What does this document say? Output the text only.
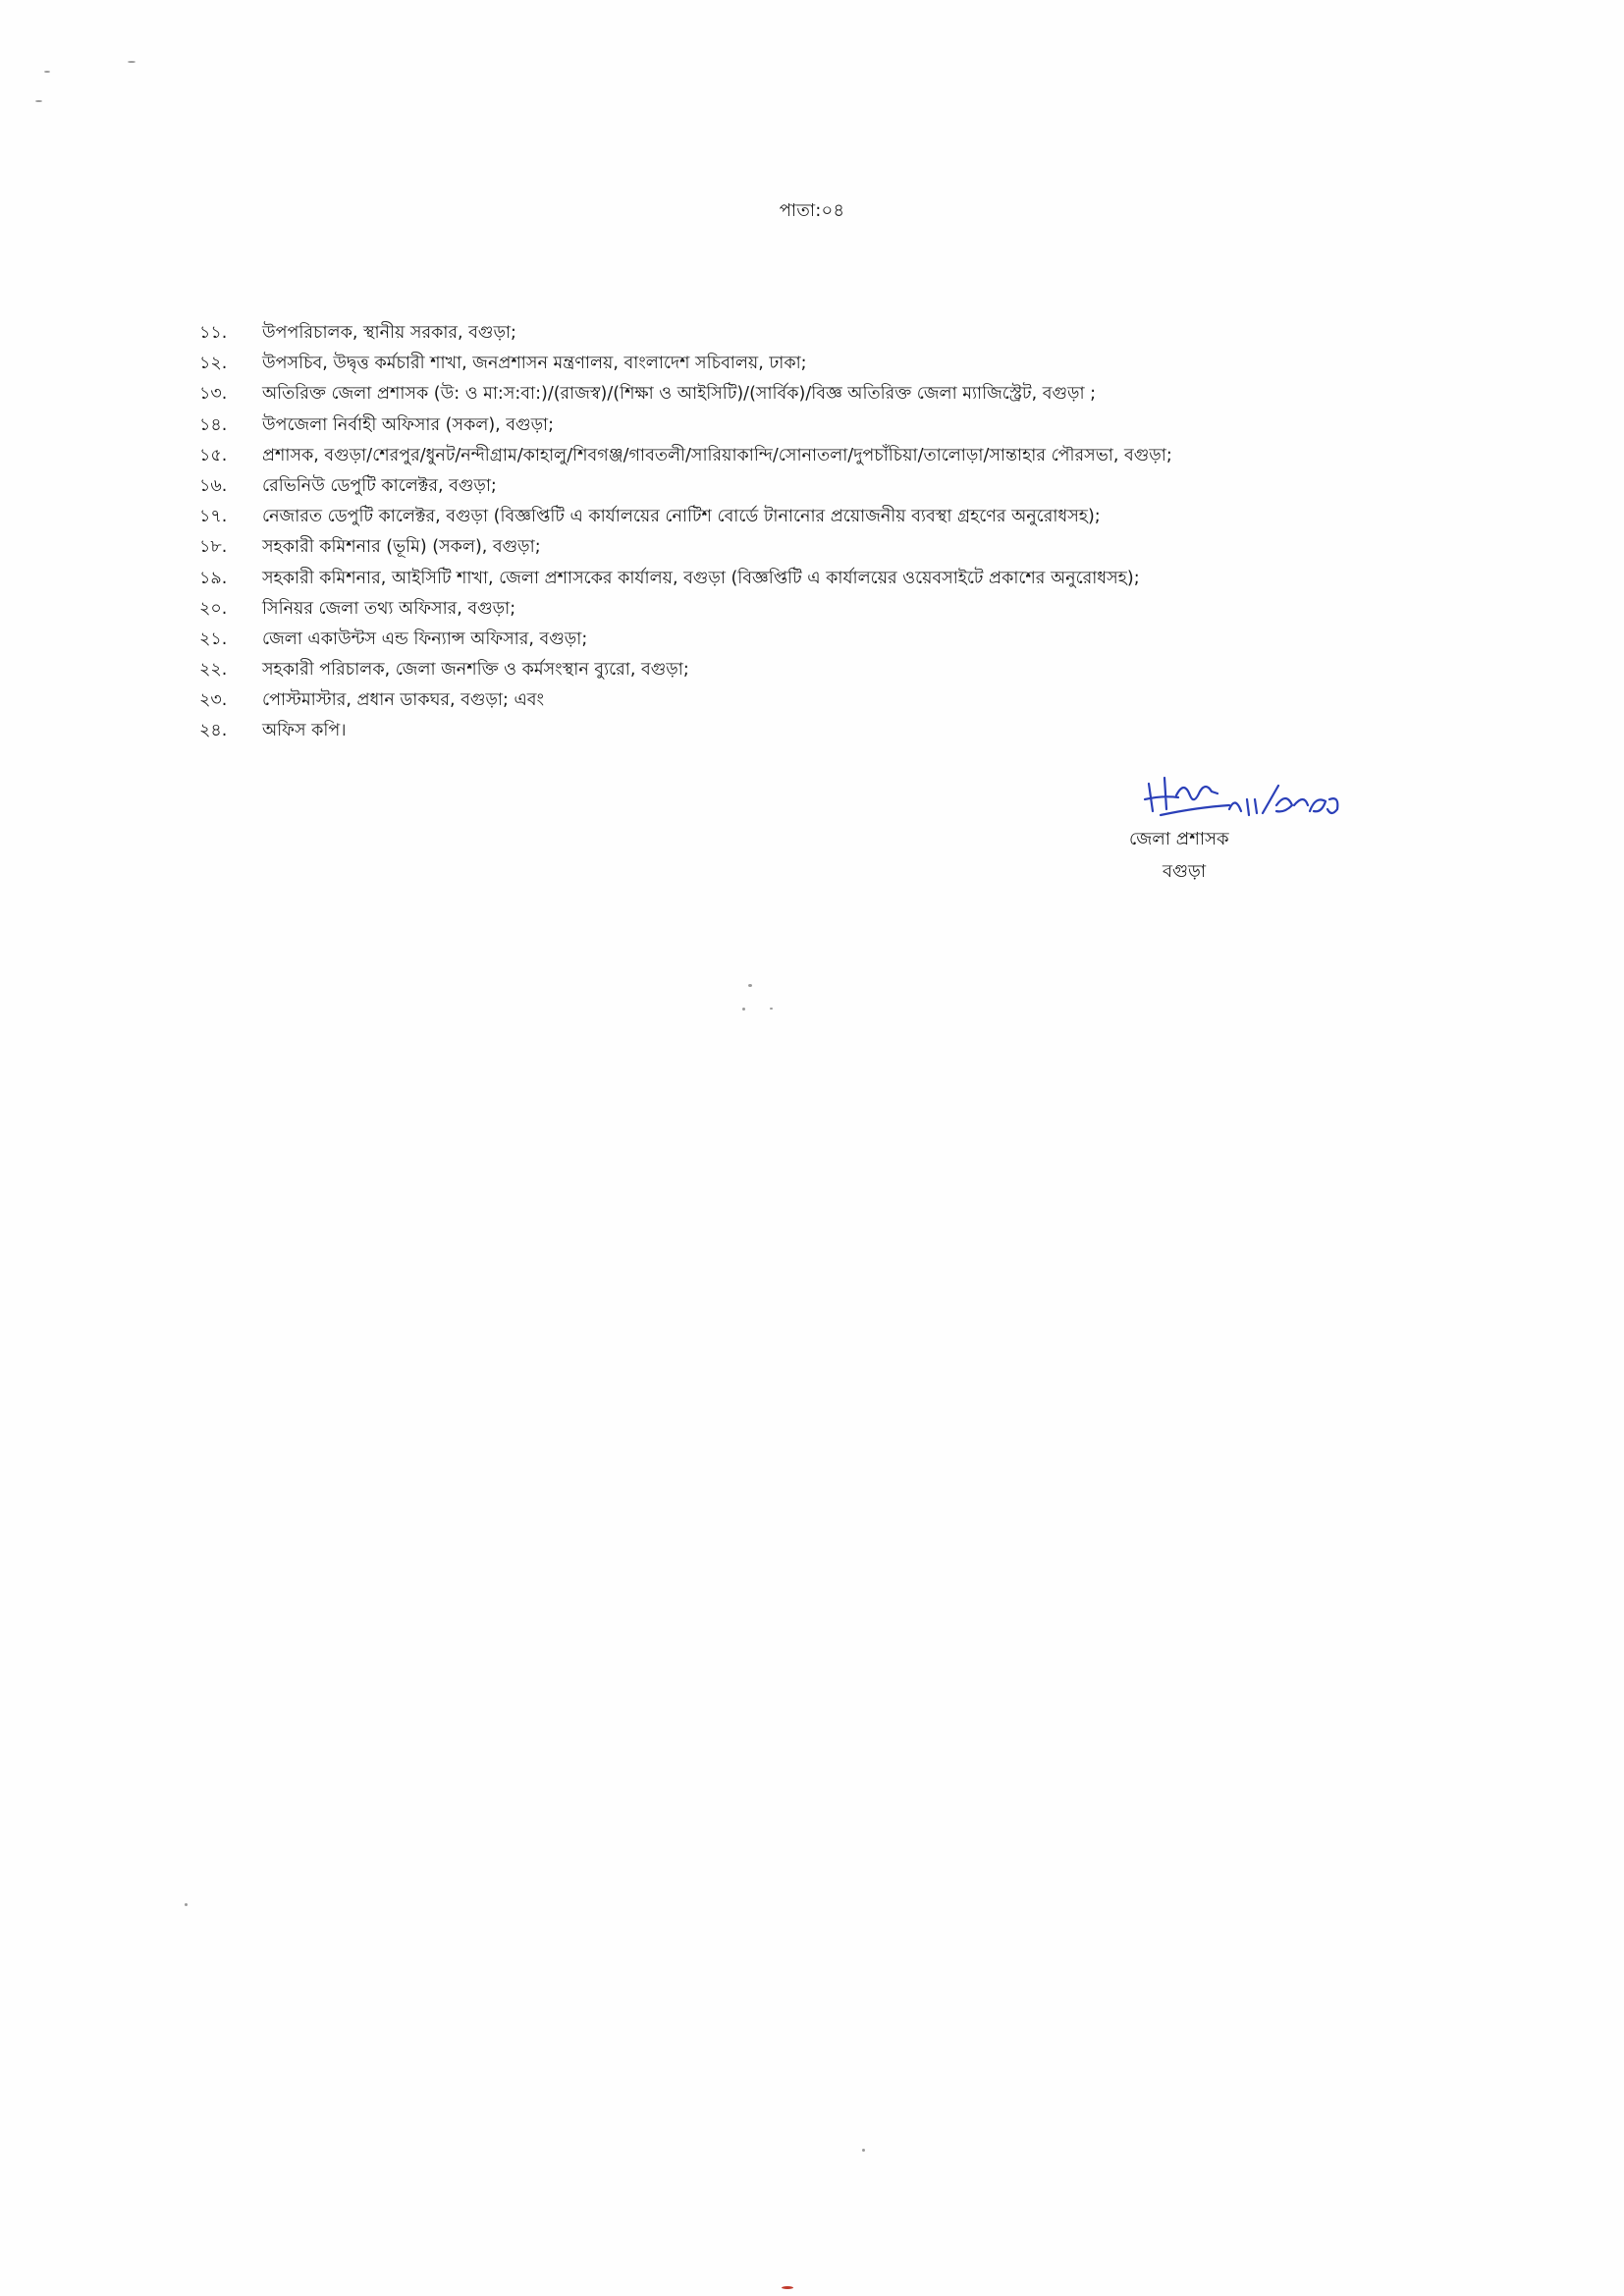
পাতা:০৪
১১.	উপপরিচালক, স্থানীয় সরকার, বগুড়া;
১২.	উপসচিব, উদ্বৃত্ত কর্মচারী শাখা, জনপ্রশাসন মন্ত্রণালয়, বাংলাদেশ সচিবালয়, ঢাকা;
১৩.	অতিরিক্ত জেলা প্রশাসক (উ: ও মা:স:বা:)/(রাজস্ব)/(শিক্ষা ও আইসিটি)/(সার্বিক)/বিজ্ঞ অতিরিক্ত জেলা ম্যাজিস্ট্রেট, বগুড়া ;
১৪.	উপজেলা নির্বাহী অফিসার (সকল), বগুড়া;
১৫.	প্রশাসক, বগুড়া/শেরপুর/ধুনট/নন্দীগ্রাম/কাহালু/শিবগঞ্জ/গাবতলী/সারিয়াকান্দি/সোনাতলা/দুপচাঁচিয়া/তালোড়া/সান্তাহার পৌরসভা, বগুড়া;
১৬.	রেভিনিউ ডেপুটি কালেক্টর, বগুড়া;
১৭.	নেজারত ডেপুটি কালেক্টর, বগুড়া (বিজ্ঞপ্তিটি এ কার্যালয়ের নোটিশ বোর্ডে টানানোর প্রয়োজনীয় ব্যবস্থা গ্রহণের অনুরোধসহ);
১৮.	সহকারী কমিশনার (ভূমি) (সকল), বগুড়া;
১৯.	সহকারী কমিশনার, আইসিটি শাখা, জেলা প্রশাসকের কার্যালয়, বগুড়া (বিজ্ঞপ্তিটি এ কার্যালয়ের ওয়েবসাইটে প্রকাশের অনুরোধসহ);
২০.	সিনিয়র জেলা তথ্য অফিসার, বগুড়া;
২১.	জেলা একাউন্টস এন্ড ফিন্যান্স অফিসার, বগুড়া;
২২.	সহকারী পরিচালক, জেলা জনশক্তি ও কর্মসংস্থান ব্যুরো, বগুড়া;
২৩.	পোস্টমাস্টার, প্রধান ডাকঘর, বগুড়া; এবং
২৪.	অফিস কপি।
জেলা প্রশাসক
বগুড়া
